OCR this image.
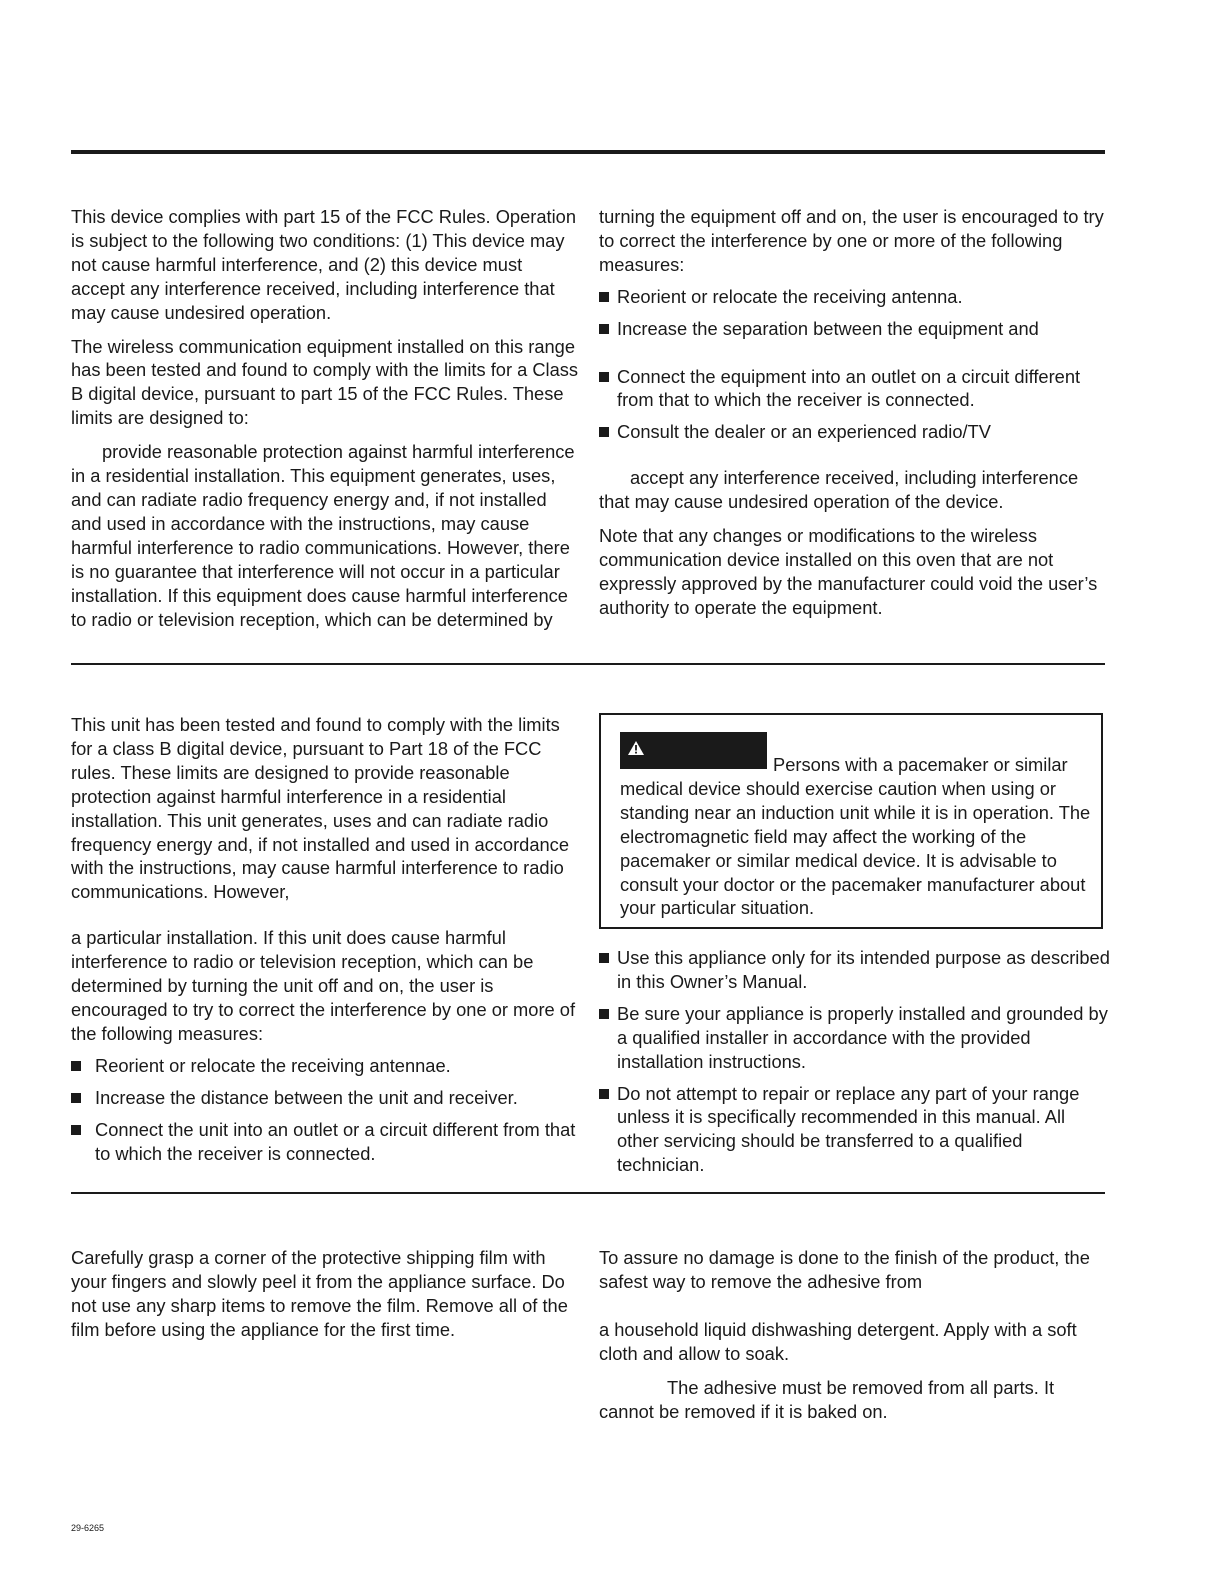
This device complies with part 15 of the FCC Rules. Operation is subject to the following two conditions: (1) This device may not cause harmful interference, and (2) this device must accept any interference received, including interference that may cause undesired operation.

The wireless communication equipment installed on this range has been tested and found to comply with the limits for a Class B digital device, pursuant to part 15 of the FCC Rules. These limits are designed to:

provide reasonable protection against harmful interference in a residential installation. This equipment generates, uses, and can radiate radio frequency energy and, if not installed and used in accordance with the instructions, may cause harmful interference to radio communications. However, there is no guarantee that interference will not occur in a particular installation. If this equipment does cause harmful interference to radio or television reception, which can be determined by

turning the equipment off and on, the user is encouraged to try to correct the interference by one or more of the following measures:

Reorient or relocate the receiving antenna.

Increase the separation between the equipment and

Connect the equipment into an outlet on a circuit different from that to which the receiver is connected.

Consult the dealer or an experienced radio/TV

accept any interference received, including interference that may cause undesired operation of the device.

Note that any changes or modifications to the wireless communication device installed on this oven that are not expressly approved by the manufacturer could void the user’s authority to operate the equipment.

This unit has been tested and found to comply with the limits for a class B digital device, pursuant to Part 18 of the FCC rules. These limits are designed to provide reasonable protection against harmful interference in a residential installation. This unit generates, uses and can radiate radio frequency energy and, if not installed and used in accordance with the instructions, may cause harmful interference to radio communications. However,

a particular installation. If this unit does cause harmful interference to radio or television reception, which can be determined by turning the unit off and on, the user is encouraged to try to correct the interference by one or more of the following measures:

Reorient or relocate the receiving antennae.

Increase the distance between the unit and receiver.

Connect the unit into an outlet or a circuit different from that to which the receiver is connected.

Persons with a pacemaker or similar medical device should exercise caution when using or standing near an induction unit while it is in operation. The electromagnetic field may affect the working of the pacemaker or similar medical device. It is advisable to consult your doctor or the pacemaker manufacturer about your particular situation.

Use this appliance only for its intended purpose as described in this Owner’s Manual.

Be sure your appliance is properly installed and grounded by a qualified installer in accordance with the provided installation instructions.

Do not attempt to repair or replace any part of your range unless it is specifically recommended in this manual. All other servicing should be transferred to a qualified technician.

Carefully grasp a corner of the protective shipping film with your fingers and slowly peel it from the appliance surface. Do not use any sharp items to remove the film. Remove all of the film before using the appliance for the first time.

To assure no damage is done to the finish of the product, the safest way to remove the adhesive from

a household liquid dishwashing detergent. Apply with a soft cloth and allow to soak.

The adhesive must be removed from all parts. It cannot be removed if it is baked on.

29-6265
